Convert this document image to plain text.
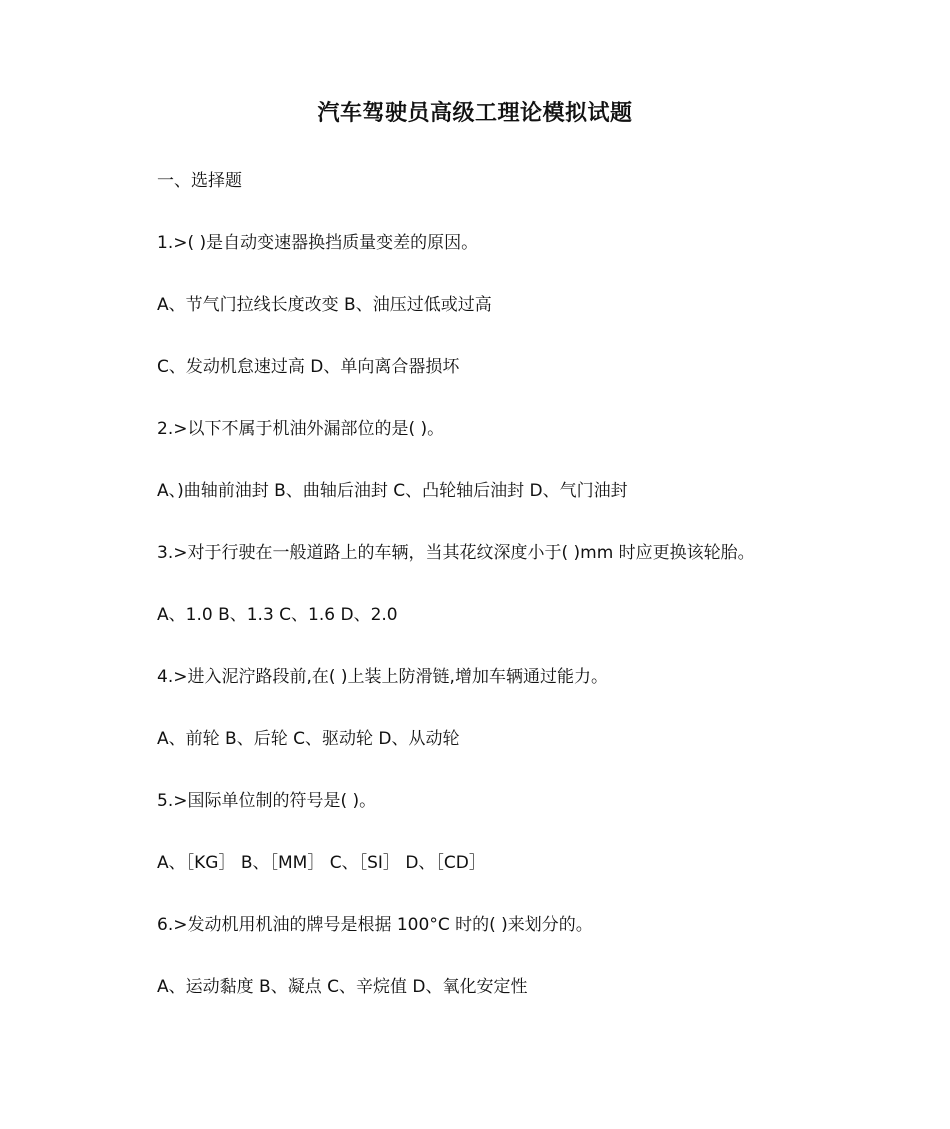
汽车驾驶员高级工理论模拟试题
一、选择题
1.>( )是自动变速器换挡质量变差的原因。
A、节气门拉线长度改变 B、油压过低或过高
C、发动机怠速过高 D、单向离合器损坏
2.>以下不属于机油外漏部位的是( )。
A、)曲轴前油封 B、曲轴后油封 C、凸轮轴后油封 D、气门油封
3.>对于行驶在一般道路上的车辆，当其花纹深度小于( )mm 时应更换该轮胎。
A、1.0 B、1.3 C、1.6 D、2.0
4.>进入泥泞路段前,在( )上装上防滑链,增加车辆通过能力。
A、前轮 B、后轮 C、驱动轮 D、从动轮
5.>国际单位制的符号是( )。
A、［KG］ B、［MM］ C、［SI］ D、［CD］
6.>发动机用机油的牌号是根据 100°C 时的( )来划分的。
A、运动黏度 B、凝点 C、辛烷值 D、氧化安定性
